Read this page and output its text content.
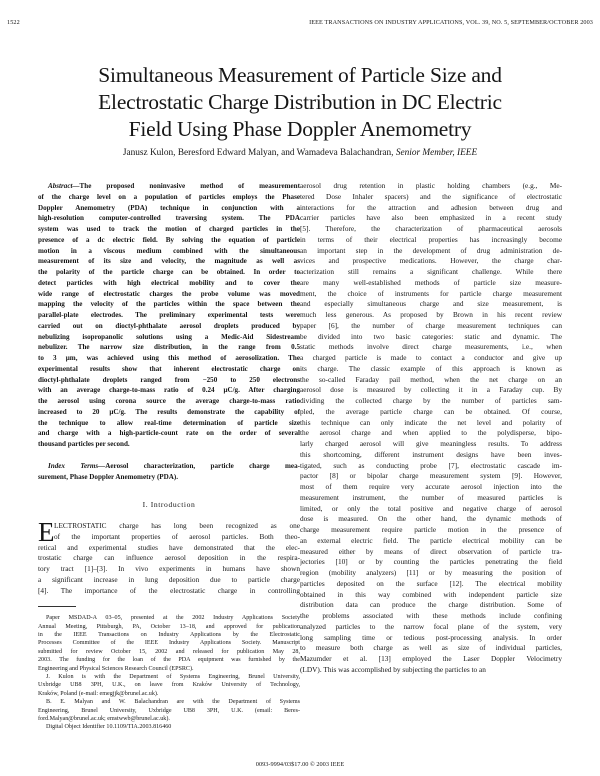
1522	IEEE TRANSACTIONS ON INDUSTRY APPLICATIONS, VOL. 39, NO. 5, SEPTEMBER/OCTOBER 2003
Simultaneous Measurement of Particle Size and
Electrostatic Charge Distribution in DC Electric
Field Using Phase Doppler Anemometry
Janusz Kulon, Beresford Edward Malyan, and Wamadeva Balachandran, Senior Member, IEEE
Abstract—The proposed noninvasive method of measurement
of the charge level on a population of particles employs the Phase
Doppler Anemometry (PDA) technique in conjunction with a
high-resolution computer-controlled traversing system. The PDA
system was used to track the motion of charged particles in the
presence of a dc electric field. By solving the equation of particle
motion in a viscous medium combined with the simultaneous
measurement of its size and velocity, the magnitude as well as
the polarity of the particle charge can be obtained. In order to
detect particles with high electrical mobility and to cover the
wide range of electrostatic charges the probe volume was moved
mapping the velocity of the particles within the space between the
parallel-plate electrodes. The preliminary experimental tests were
carried out on dioctyl-phthalate aerosol droplets produced by
nebulizing isopropanolic solutions using a Medic-Aid Sidestream
nebulizer. The narrow size distribution, in the range from 0.5
to 3 μm, was achieved using this method of aerosolization. The
experimental results show that inherent electrostatic charge on
dioctyl-phthalate droplets ranged from −250 to 250 electrons
with an average charge-to-mass ratio of 0.24 μC/g. After charging
the aerosol using corona source the average charge-to-mass ratio
increased to 20 μC/g. The results demonstrate the capability of
the technique to allow real-time determination of particle size
and charge with a high-particle-count rate on the order of several
thousand particles per second.
Index Terms—Aerosol characterization, particle charge mea-
surement, Phase Doppler Anemometry (PDA).
I. Introduction
E LECTROSTATIC charge has long been recognized as one
of the important properties of aerosol particles. Both theo-
retical and experimental studies have demonstrated that the elec-
trostatic charge can influence aerosol deposition in the respira-
tory tract [1]–[3]. In vivo experiments in humans have shown
a significant increase in lung deposition due to particle charge
[4]. The importance of the electrostatic charge in controlling
Paper MSDAD-A 03–05, presented at the 2002 Industry Applications Society
Annual Meeting, Pittsburgh, PA, October 13–18, and approved for publication
in the IEEE Transactions on Industry Applications by the Electrostatic
Processes Committee of the IEEE Industry Applications Society. Manuscript
submitted for review October 15, 2002 and released for publication May 28,
2003. The funding for the loan of the PDA equipment was furnished by the
Engineering and Physical Sciences Research Council (EPSRC).
J. Kulon is with the Department of Systems Engineering, Brunel University,
Uxbridge UB8 3PH, U.K., on leave from Kraków University of Technology,
Kraków, Poland (e-mail: emegjjk@brunel.ac.uk).
B. E. Malyan and W. Balachandran are with the Department of Systems
Engineering, Brunel University, Uxbridge UB8 3PH, U.K. (email: Beres-
ford.Malyan@brunel.ac.uk; emstwwb@brunel.ac.uk).
Digital Object Identifier 10.1109/TIA.2003.816460
aerosol drug retention in plastic holding chambers (e.g., Me-
tered Dose Inhaler spacers) and the significance of electrostatic
interactions for the attraction and adhesion between drug and
carrier particles have also been emphasized in a recent study
[5]. Therefore, the characterization of pharmaceutical aerosols
in terms of their electrical properties has increasingly become
an important step in the development of drug administration de-
vices and prospective medications. However, the charge char-
acterization still remains a significant challenge. While there
are many well-established methods of particle size measure-
ment, the choice of instruments for particle charge measurement
and especially simultaneous charge and size measurement, is
much less generous. As proposed by Brown in his recent review
paper [6], the number of charge measurement techniques can
be divided into two basic categories: static and dynamic. The
static methods involve direct charge measurements, i.e., when
a charged particle is made to contact a conductor and give up
its charge. The classic example of this approach is known as
the so-called Faraday pail method, when the net charge on an
aerosol dose is measured by collecting it in a Faraday cup. By
dividing the collected charge by the number of particles sam-
pled, the average particle charge can be obtained. Of course,
this technique can only indicate the net level and polarity of
the aerosol charge and when applied to the polydisperse, bipo-
larly charged aerosol will give meaningless results. To address
this shortcoming, different instrument designs have been inves-
tigated, such as conducting probe [7], electrostatic cascade im-
pactor [8] or bipolar charge measurement system [9]. However,
most of them require very accurate aerosol injection into the
measurement instrument, the number of measured particles is
limited, or only the total positive and negative charge of aerosol
dose is measured. On the other hand, the dynamic methods of
charge measurement require particle motion in the presence of
an external electric field. The particle electrical mobility can be
measured either by means of direct observation of particle tra-
jectories [10] or by counting the particles penetrating the field
region (mobility analyzers) [11] or by measuring the position of
particles deposited on the surface [12]. The electrical mobility
obtained in this way combined with independent particle size
distribution data can produce the charge distribution. Some of
the problems associated with these methods include confining
analyzed particles to the narrow focal plane of the system, very
long sampling time or tedious post-processing analysis. In order
to measure both charge as well as size of individual particles,
Mazumder et al. [13] employed the Laser Doppler Velocimetry
(LDV). This was accomplished by subjecting the particles to an
0093-9994/03$17.00 © 2003 IEEE
